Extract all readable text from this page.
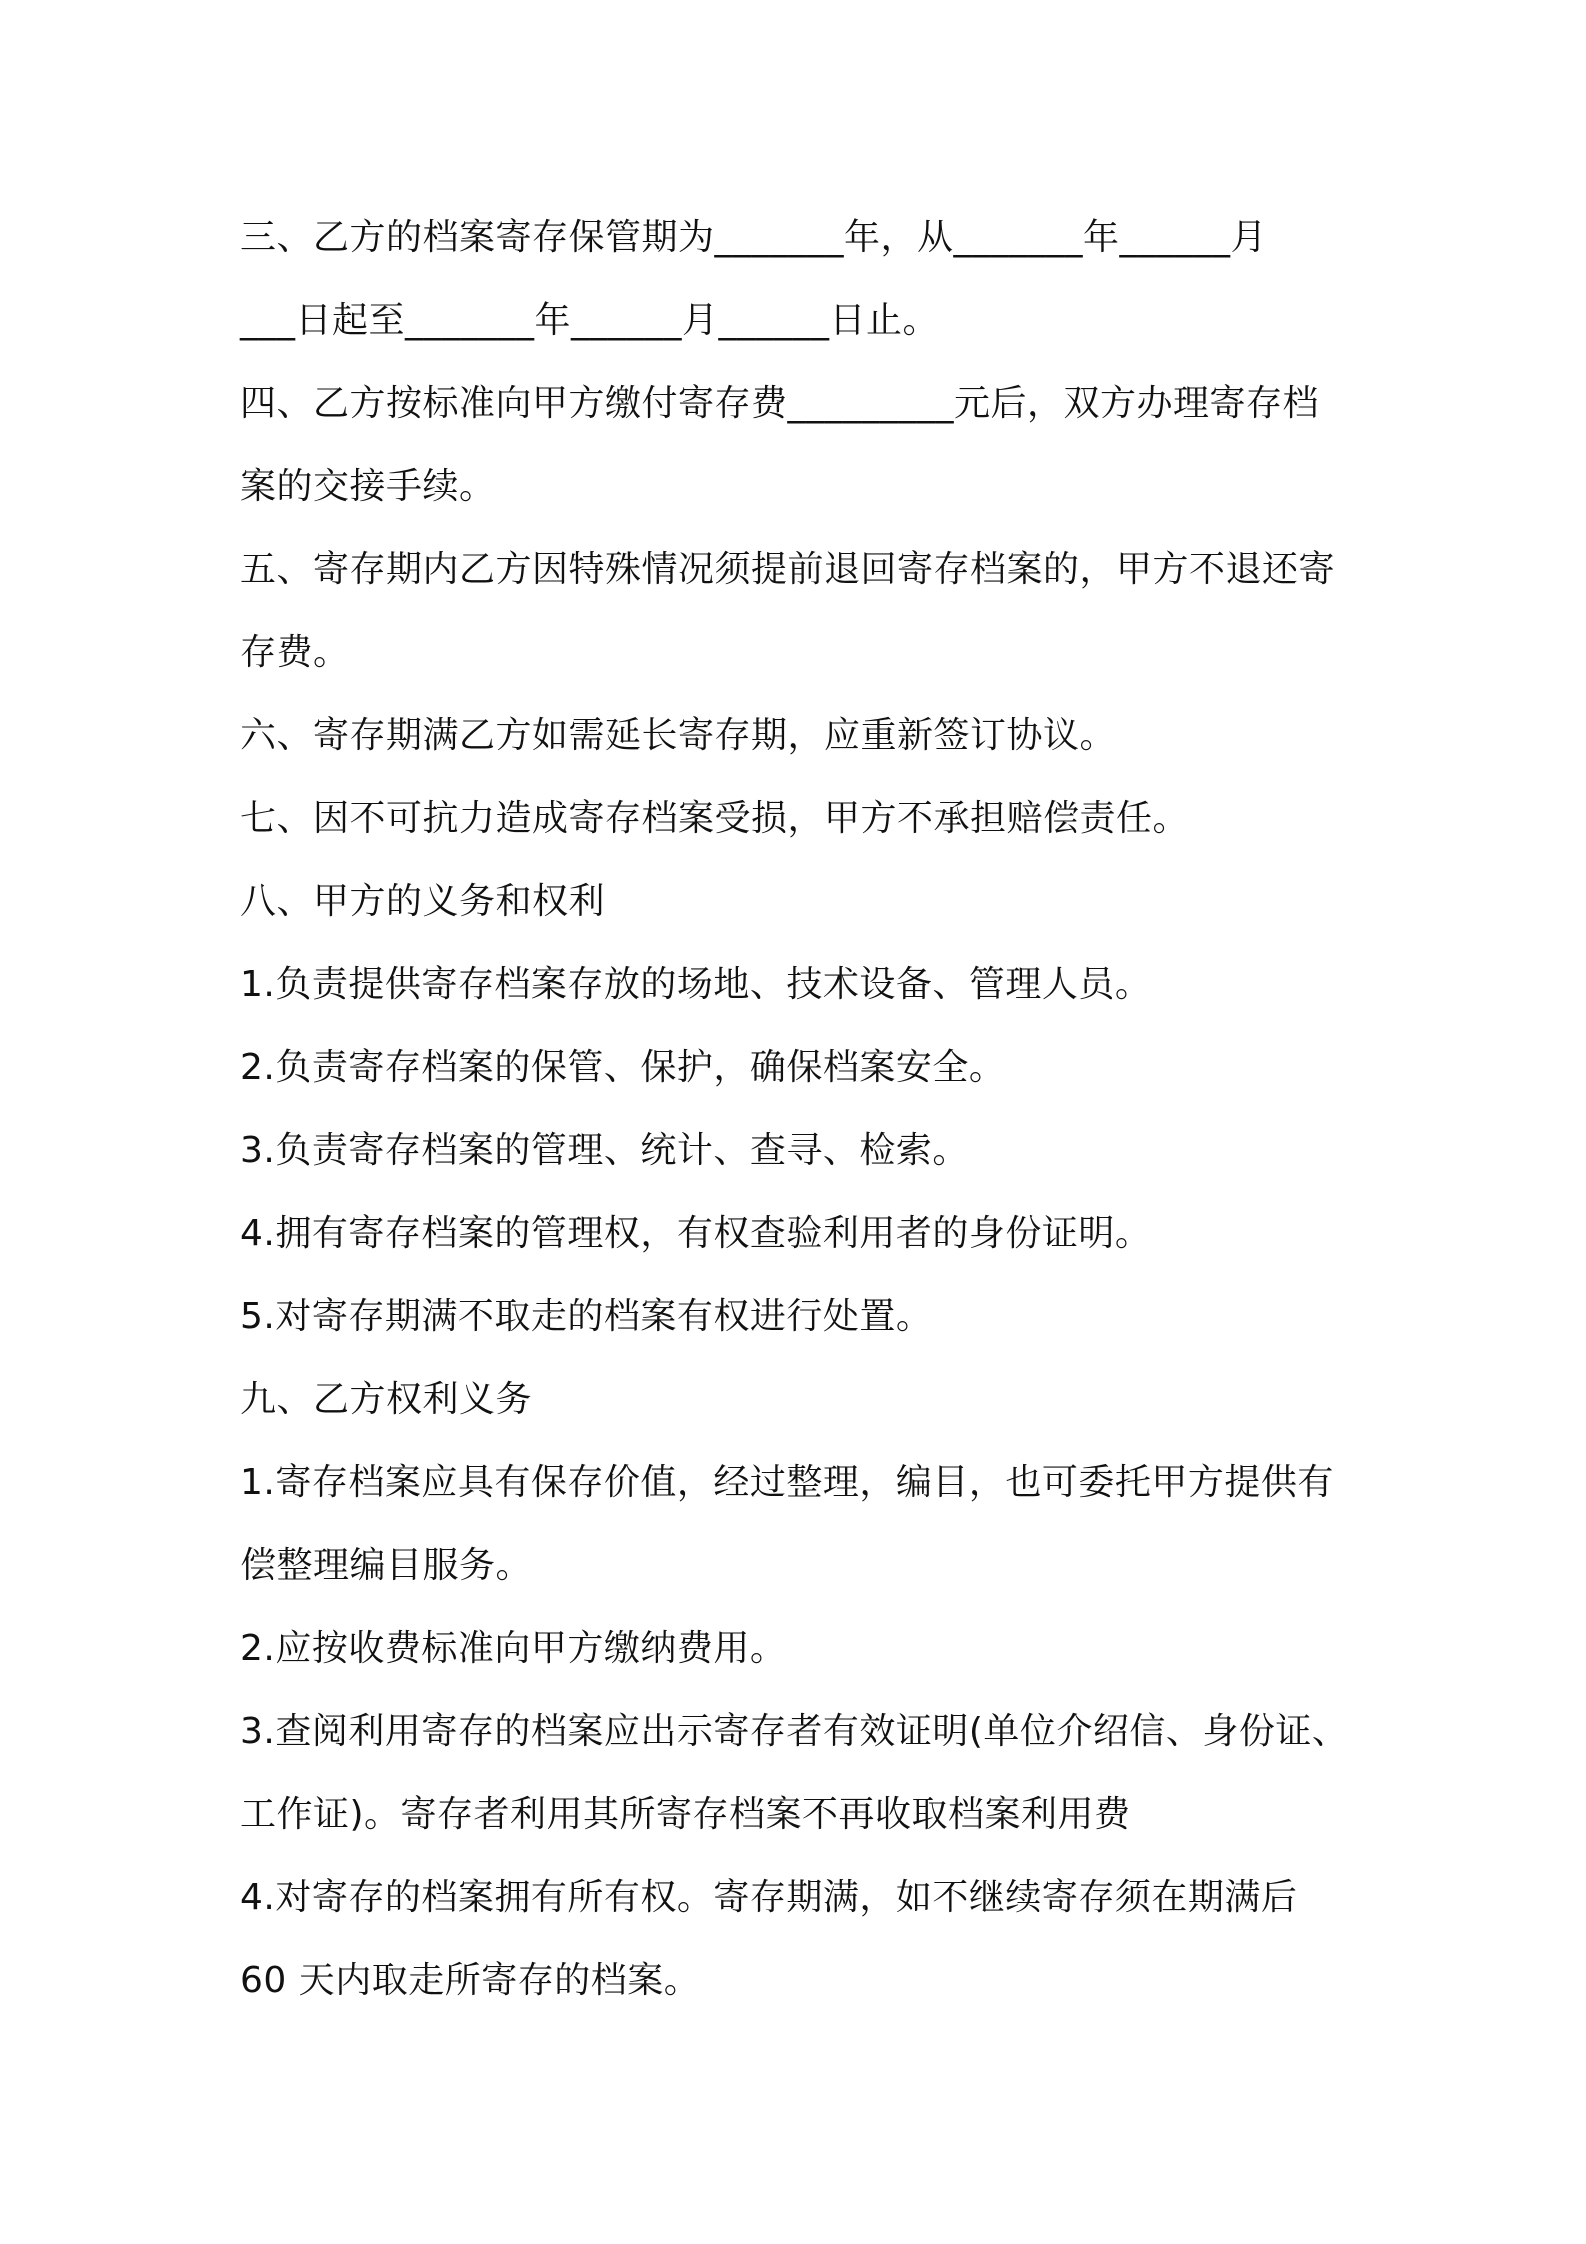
三、乙方的档案寄存保管期为_______年，从_______年______月
___日起至_______年______月______日止。
四、乙方按标准向甲方缴付寄存费_________元后，双方办理寄存档
案的交接手续。
五、寄存期内乙方因特殊情况须提前退回寄存档案的，甲方不退还寄
存费。
六、寄存期满乙方如需延长寄存期，应重新签订协议。
七、因不可抗力造成寄存档案受损，甲方不承担赔偿责任。
八、甲方的义务和权利
1.负责提供寄存档案存放的场地、技术设备、管理人员。
2.负责寄存档案的保管、保护，确保档案安全。
3.负责寄存档案的管理、统计、查寻、检索。
4.拥有寄存档案的管理权，有权查验利用者的身份证明。
5.对寄存期满不取走的档案有权进行处置。
九、乙方权利义务
1.寄存档案应具有保存价值，经过整理，编目，也可委托甲方提供有
偿整理编目服务。
2.应按收费标准向甲方缴纳费用。
3.查阅利用寄存的档案应出示寄存者有效证明(单位介绍信、身份证、
工作证)。寄存者利用其所寄存档案不再收取档案利用费
4.对寄存的档案拥有所有权。寄存期满，如不继续寄存须在期满后
60 天内取走所寄存的档案。
